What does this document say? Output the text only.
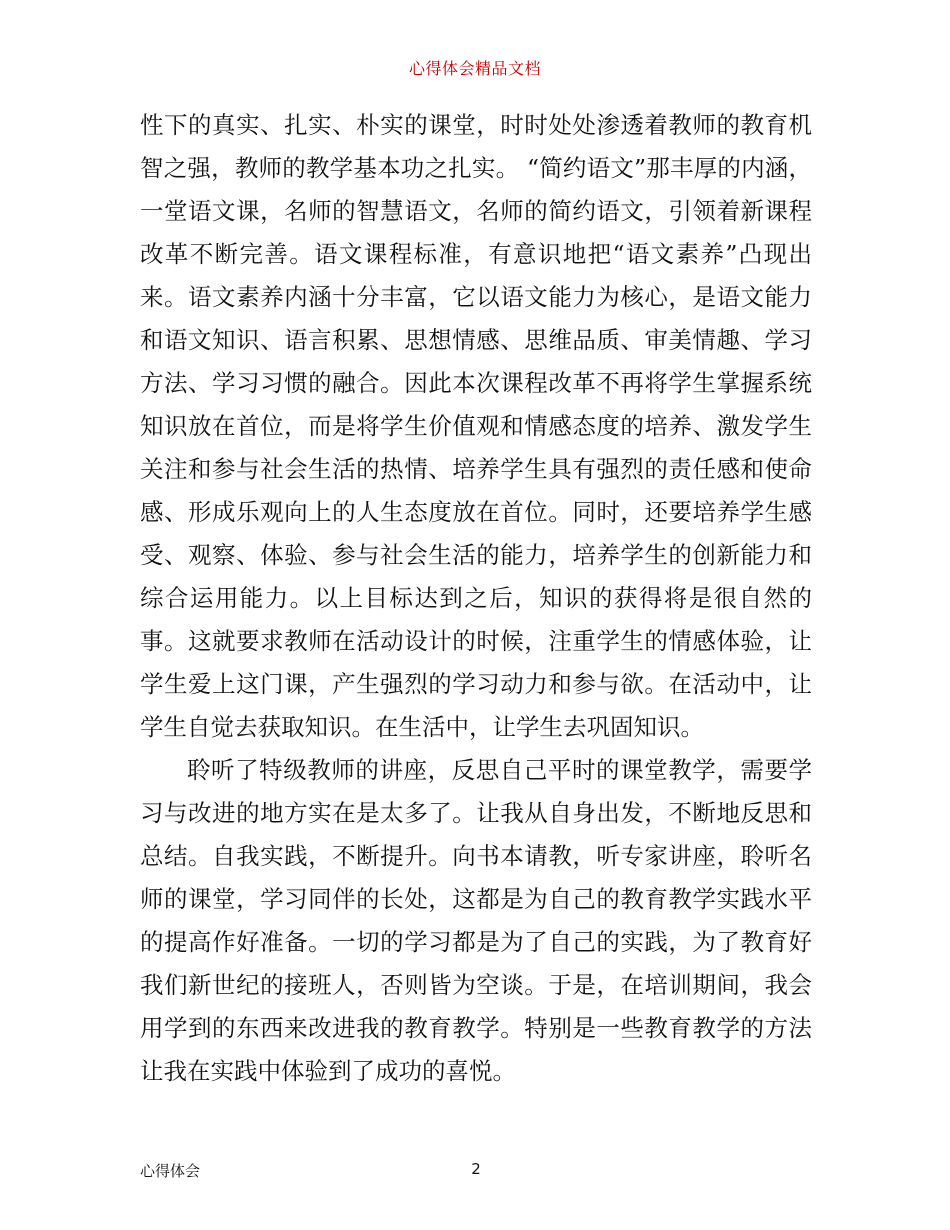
心得体会精品文档

性下的真实、扎实、朴实的课堂，时时处处渗透着教师的教育机智之强，教师的教学基本功之扎实。 “简约语文”那丰厚的内涵，一堂语文课，名师的智慧语文，名师的简约语文，引领着新课程改革不断完善。语文课程标准，有意识地把“语文素养”凸现出来。语文素养内涵十分丰富，它以语文能力为核心，是语文能力和语文知识、语言积累、思想情感、思维品质、审美情趣、学习方法、学习习惯的融合。因此本次课程改革不再将学生掌握系统知识放在首位，而是将学生价值观和情感态度的培养、激发学生关注和参与社会生活的热情、培养学生具有强烈的责任感和使命感、形成乐观向上的人生态度放在首位。同时，还要培养学生感受、观察、体验、参与社会生活的能力，培养学生的创新能力和综合运用能力。以上目标达到之后，知识的获得将是很自然的事。这就要求教师在活动设计的时候，注重学生的情感体验，让学生爱上这门课，产生强烈的学习动力和参与欲。在活动中，让学生自觉去获取知识。在生活中，让学生去巩固知识。

聆听了特级教师的讲座，反思自己平时的课堂教学，需要学习与改进的地方实在是太多了。让我从自身出发，不断地反思和总结。自我实践，不断提升。向书本请教，听专家讲座，聆听名师的课堂，学习同伴的长处，这都是为自己的教育教学实践水平的提高作好准备。一切的学习都是为了自己的实践，为了教育好我们新世纪的接班人，否则皆为空谈。于是，在培训期间，我会用学到的东西来改进我的教育教学。特别是一些教育教学的方法让我在实践中体验到了成功的喜悦。

心得体会	2
